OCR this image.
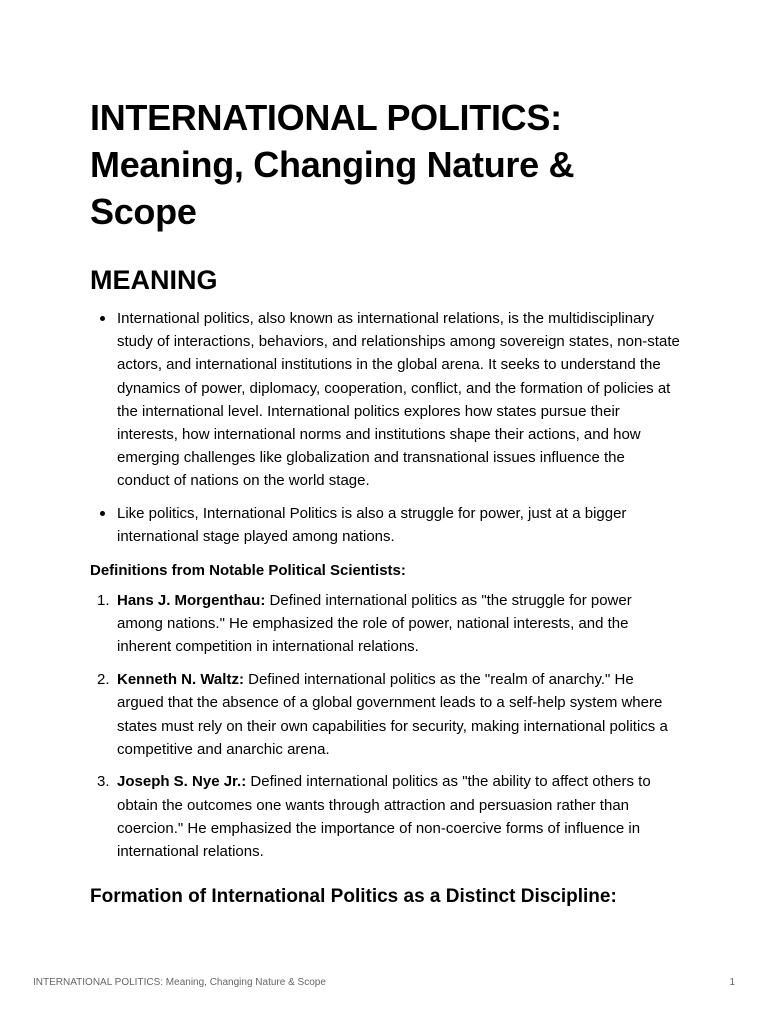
INTERNATIONAL POLITICS:
Meaning, Changing Nature &
Scope
MEANING
International politics, also known as international relations, is the multidisciplinary study of interactions, behaviors, and relationships among sovereign states, non-state actors, and international institutions in the global arena. It seeks to understand the dynamics of power, diplomacy, cooperation, conflict, and the formation of policies at the international level. International politics explores how states pursue their interests, how international norms and institutions shape their actions, and how emerging challenges like globalization and transnational issues influence the conduct of nations on the world stage.
Like politics, International Politics is also a struggle for power, just at a bigger international stage played among nations.

Definitions from Notable Political Scientists:

1. Hans J. Morgenthau: Defined international politics as "the struggle for power among nations." He emphasized the role of power, national interests, and the inherent competition in international relations.
2. Kenneth N. Waltz: Defined international politics as the "realm of anarchy." He argued that the absence of a global government leads to a self-help system where states must rely on their own capabilities for security, making international politics a competitive and anarchic arena.
3. Joseph S. Nye Jr.: Defined international politics as "the ability to affect others to obtain the outcomes one wants through attraction and persuasion rather than coercion." He emphasized the importance of non-coercive forms of influence in international relations.
Formation of International Politics as a Distinct Discipline:
INTERNATIONAL POLITICS: Meaning, Changing Nature & Scope	1
